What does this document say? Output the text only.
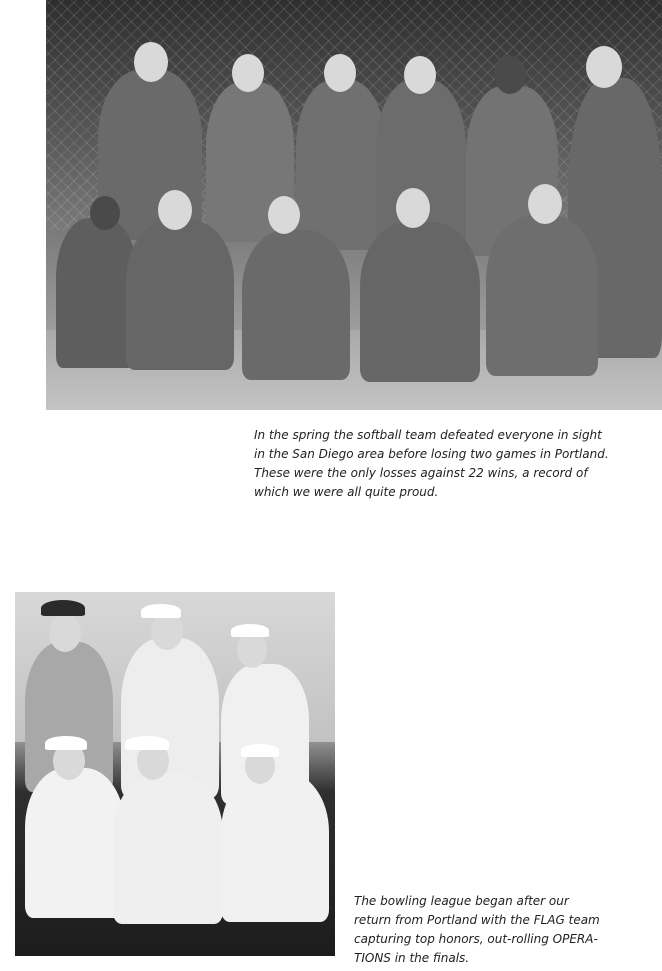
In the spring the softball team defeated everyone in sight
in the San Diego area before losing two games in Portland.
These were the only losses against 22 wins, a record of
which we were all quite proud.

The bowling league began after our
return from Portland with the FLAG team
capturing top honors, out-rolling OPERA-
TIONS in the finals.
